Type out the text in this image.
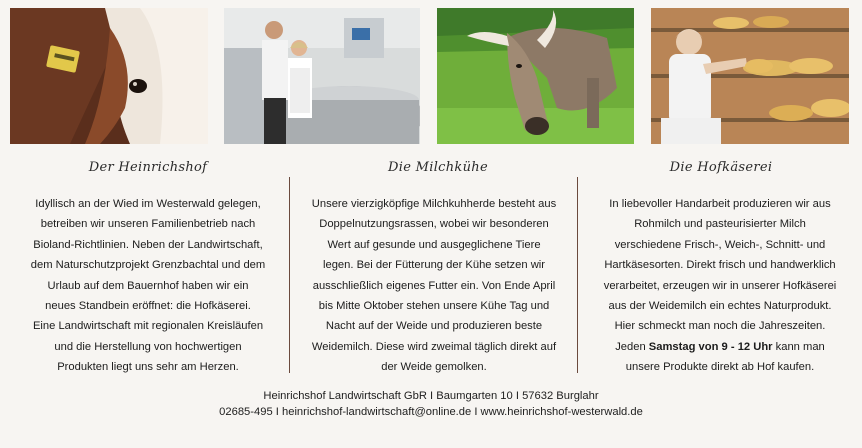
Der Heinrichshof
Idyllisch an der Wied im Westerwald gelegen,
betreiben wir unseren Familienbetrieb nach
Bioland-Richtlinien. Neben der Landwirtschaft,
dem Naturschutzprojekt Grenzbachtal und dem
Urlaub auf dem Bauernhof haben wir ein
neues Standbein eröffnet: die Hofkäserei.
Eine Landwirtschaft mit regionalen Kreisläufen
und die Herstellung von hochwertigen
Produkten liegt uns sehr am Herzen.
Die Milchkühe
Unsere vierzigköpfige Milchkuhherde besteht aus
Doppelnutzungsrassen, wobei wir besonderen
Wert auf gesunde und ausgeglichene Tiere
legen. Bei der Fütterung der Kühe setzen wir
ausschließlich eigenes Futter ein. Von Ende April
bis Mitte Oktober stehen unsere Kühe Tag und
Nacht auf der Weide und produzieren beste
Weidemilch. Diese wird zweimal täglich direkt auf
der Weide gemolken.
Die Hofkäserei
In liebevoller Handarbeit produzieren wir aus
Rohmilch und pasteurisierter Milch
verschiedene Frisch-, Weich-, Schnitt- und
Hartkäsesorten. Direkt frisch und handwerklich
verarbeitet, erzeugen wir in unserer Hofkäserei
aus der Weidemilch ein echtes Naturprodukt.
Hier schmeckt man noch die Jahreszeiten.
Jeden Samstag von 9 - 12 Uhr kann man
unsere Produkte direkt ab Hof kaufen.
Heinrichshof Landwirtschaft GbR I Baumgarten 10 I 57632 Burglahr
02685-495 I heinrichshof-landwirtschaft@online.de I www.heinrichshof-westerwald.de
